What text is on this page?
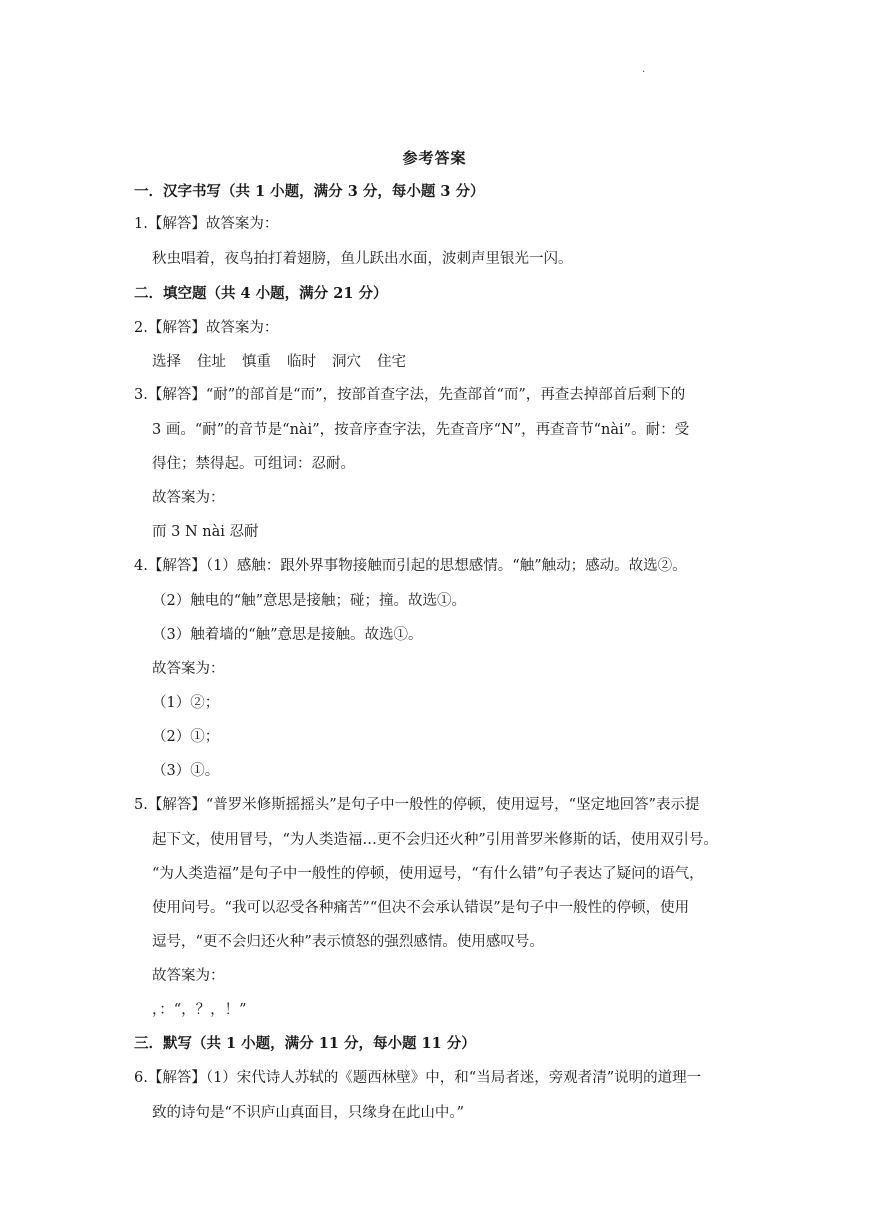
.
参考答案
一．汉字书写（共 1 小题，满分 3 分，每小题 3 分）
1.【解答】故答案为：
秋虫唱着，夜鸟拍打着翅膀，鱼儿跃出水面，波刺声里银光一闪。
二．填空题（共 4 小题，满分 21 分）
2.【解答】故答案为：
选择 住址 慎重 临时 洞穴 住宅
3.【解答】“耐”的部首是“而”，按部首查字法，先查部首“而”，再查去掉部首后剩下的
3 画。“耐”的音节是“nài”，按音序查字法，先查音序“N”，再查音节“nài”。耐：受
得住；禁得起。可组词：忍耐。
故答案为：
而 3 N nài 忍耐
4.【解答】（1）感触：跟外界事物接触而引起的思想感情。“触”触动；感动。故选②。
（2）触电的“触”意思是接触；碰；撞。故选①。
（3）触着墙的“触”意思是接触。故选①。
故答案为：
（1）②；
（2）①；
（3）①。
5.【解答】“普罗米修斯摇摇头”是句子中一般性的停顿，使用逗号，“坚定地回答”表示提
起下文，使用冒号，“为人类造福…更不会归还火种”引用普罗米修斯的话，使用双引号。
“为人类造福”是句子中一般性的停顿，使用逗号，“有什么错”句子表达了疑问的语气，
使用问号。“我可以忍受各种痛苦”“但决不会承认错误”是句子中一般性的停顿，使用
逗号，“更不会归还火种”表示愤怒的强烈感情。使用感叹号。
故答案为：
，：“，？，！”
三．默写（共 1 小题，满分 11 分，每小题 11 分）
6.【解答】（1）宋代诗人苏轼的《题西林壁》中，和“当局者迷，旁观者清”说明的道理一
致的诗句是“不识庐山真面目，只缘身在此山中。”
